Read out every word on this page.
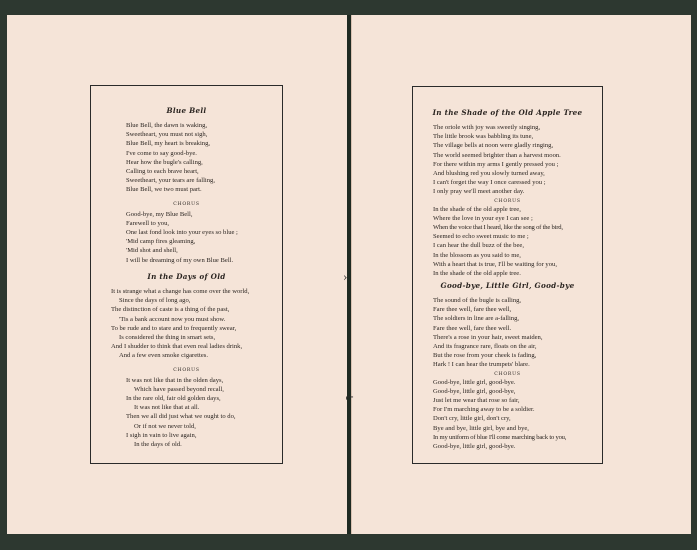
›
⌐

Blue Bell

Blue Bell, the dawn is waking,
Sweetheart, you must not sigh,
Blue Bell, my heart is breaking,
I've come to say good-bye.
Hear how the bugle's calling,
Calling to each brave heart,
Sweetheart, your tears are falling,
Blue Bell, we two must part.

CHORUS

Good-bye, my Blue Bell,
Farewell to you,
One last fond look into your eyes so blue ;
'Mid camp fires gleaming,
'Mid shot and shell,
I will be dreaming of my own Blue Bell.

In the Days of Old

It is strange what a change has come over the world,
Since the days of long ago,
The distinction of caste is a thing of the past,
'Tis a bank account now you must show.
To be rude and to stare and to frequently swear,
Is considered the thing in smart sets,
And I shudder to think that even real ladies drink,
And a few even smoke cigarettes.

CHORUS

It was not like that in the olden days,
Which have passed beyond recall,
In the rare old, fair old golden days,
It was not like that at all.
Then we all did just what we ought to do,
Or if not we never told,
I sigh in vain to live again,
In the days of old.

In the Shade of the Old Apple Tree

The oriole with joy was sweetly singing,
The little brook was babbling its tune,
The village bells at noon were gladly ringing,
The world seemed brighter than a harvest moon.
For there within my arms I gently pressed you ;
And blushing red you slowly turned away,
I can't forget the way I once caressed you ;
I only pray we'll meet another day.

CHORUS

In the shade of the old apple tree,
Where the love in your eye I can see ;
When the voice that I heard, like the song of the bird,
Seemed to echo sweet music to me ;
I can hear the dull buzz of the bee,
In the blossom as you said to me,
With a heart that is true, I'll be waiting for you,
In the shade of the old apple tree.

Good-bye, Little Girl, Good-bye

The sound of the bugle is calling,
Fare thee well, fare thee well,
The soldiers in line are a-falling,
Fare thee well, fare thee well.
There's a rose in your hair, sweet maiden,
And its fragrance rare, floats on the air,
But the rose from your cheek is fading,
Hark ! I can hear the trumpets' blare.

CHORUS

Good-bye, little girl, good-bye.
Good-bye, little girl, good-bye,
Just let me wear that rose so fair,
For I'm marching away to be a soldier.
Don't cry, little girl, don't cry,
Bye and bye, little girl, bye and bye,
In my uniform of blue I'll come marching back to you,
Good-bye, little girl, good-bye.
